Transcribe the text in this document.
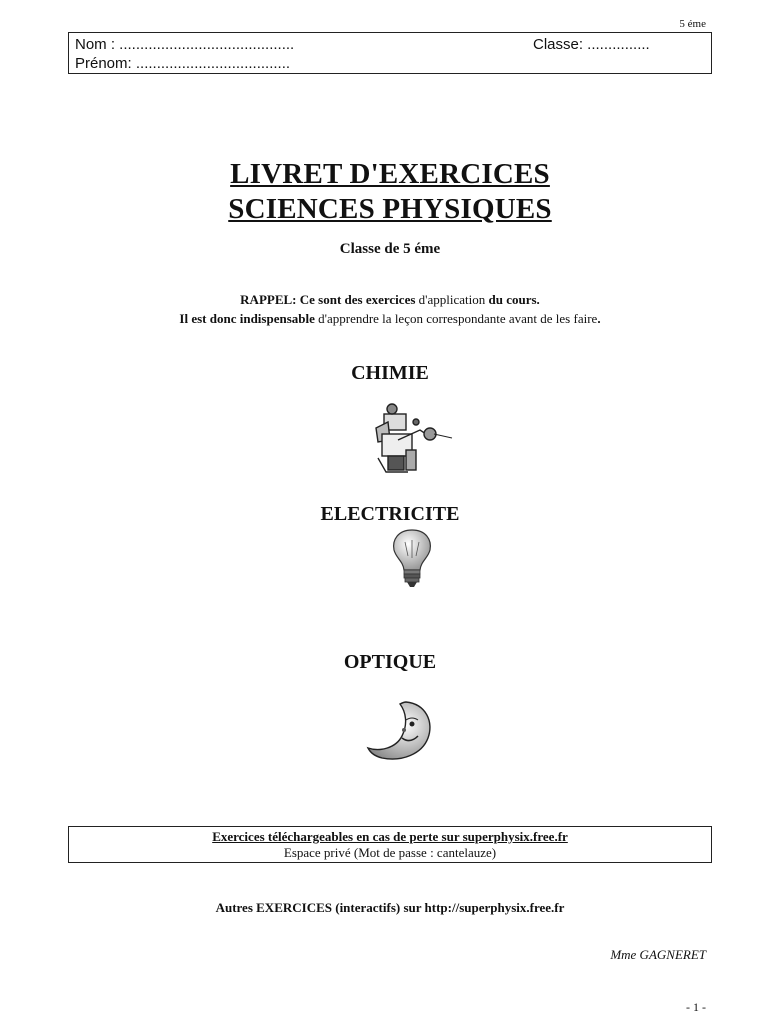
5 éme
Nom : ..........................................
Prénom: .....................................
Classe: ...............
LIVRET D'EXERCICES
SCIENCES PHYSIQUES
Classe de 5 éme
RAPPEL: Ce sont des exercices d'application du cours.
Il est donc indispensable d'apprendre la leçon correspondante avant de les faire.
CHIMIE
ELECTRICITE
OPTIQUE
Exercices téléchargeables en cas de perte sur superphysix.free.fr
Espace privé (Mot de passe : cantelauze)
Autres EXERCICES (interactifs) sur http://superphysix.free.fr
Mme GAGNERET
- 1 -
